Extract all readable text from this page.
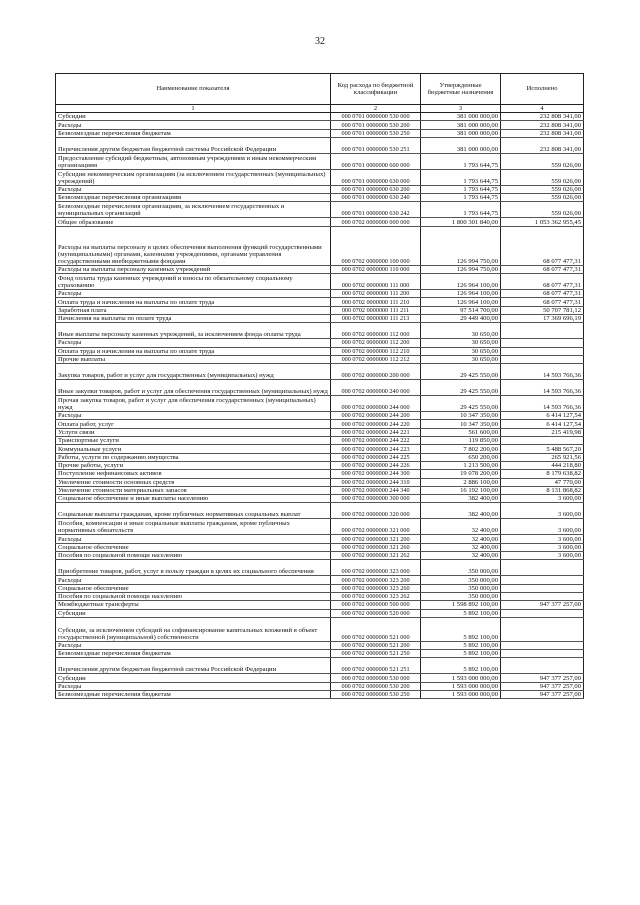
32
Наименование показателя	Код расхода по бюджетной классификации	Утвержденные бюджетные назначения	Исполнено
1	2	3	4
Субсидии	000 0701 0000000 530 000	381 000 000,00	232 808 341,00
Расходы	000 0701 0000000 530 200	381 000 000,00	232 808 341,00
Безвозмездные перечисления бюджетам	000 0701 0000000 530 250	381 000 000,00	232 808 341,00
Перечисления другим бюджетам бюджетной системы Российской Федерации	000 0701 0000000 530 251	381 000 000,00	232 808 341,00
Предоставление субсидий бюджетным, автономным учреждениям и иным некоммерческим организациям	000 0701 0000000 600 000	1 793 644,75	559 026,00
Субсидии некоммерческим организациям (за исключением государственных (муниципальных) учреждений)	000 0701 0000000 630 000	1 793 644,75	559 026,00
Расходы	000 0701 0000000 630 200	1 793 644,75	559 026,00
Безвозмездные перечисления организациям	000 0701 0000000 630 240	1 793 644,75	559 026,00
Безвозмездные перечисления организациям, за исключением государственных и муниципальных организаций	000 0701 0000000 630 242	1 793 644,75	559 026,00
Общее образование	000 0702 0000000 000 000	1 800 301 840,00	1 053 362 955,45
Расходы на выплаты персоналу в целях обеспечения выполнения функций государственными (муниципальными) органами, казенными учреждениями, органами управления государственными внебюджетными фондами	000 0702 0000000 100 000	126 994 750,00	68 077 477,31
Расходы на выплаты персоналу казенных учреждений	000 0702 0000000 110 000	126 994 750,00	68 077 477,31
Фонд оплаты труда казенных учреждений и взносы по обязательному социальному страхованию	000 0702 0000000 111 000	126 964 100,00	68 077 477,31
Расходы	000 0702 0000000 111 200	126 964 100,00	68 077 477,31
Оплата труда и начисления на выплаты по оплате труда	000 0702 0000000 111 210	126 964 100,00	68 077 477,31
Заработная плата	000 0702 0000000 111 211	97 514 700,00	50 707 781,12
Начисления на выплаты по оплате труда	000 0702 0000000 111 213	29 449 400,00	17 369 696,19
Иные выплаты персоналу казенных учреждений, за исключением фонда оплаты труда	000 0702 0000000 112 000	30 650,00	
Расходы	000 0702 0000000 112 200	30 650,00	
Оплата труда и начисления на выплаты по оплате труда	000 0702 0000000 112 210	30 650,00	
Прочие выплаты	000 0702 0000000 112 212	30 650,00	
Закупка товаров, работ и услуг для государственных (муниципальных) нужд	000 0702 0000000 200 000	29 425 550,00	14 593 766,36
Иные закупки товаров, работ и услуг для обеспечения государственных (муниципальных) нужд	000 0702 0000000 240 000	29 425 550,00	14 593 766,36
Прочая закупка товаров, работ и услуг для обеспечения государственных (муниципальных) нужд	000 0702 0000000 244 000	29 425 550,00	14 593 766,36
Расходы	000 0702 0000000 244 200	10 347 350,00	6 414 127,54
Оплата работ, услуг	000 0702 0000000 244 220	10 347 350,00	6 414 127,54
Услуги связи	000 0702 0000000 244 221	561 600,00	215 419,98
Транспортные услуги	000 0702 0000000 244 222	119 850,00	
Коммунальные услуги	000 0702 0000000 244 223	7 802 200,00	5 488 567,20
Работы, услуги по содержанию имущества	000 0702 0000000 244 225	650 200,00	265 921,56
Прочие работы, услуги	000 0702 0000000 244 226	1 213 500,00	444 218,80
Поступление нефинансовых активов	000 0702 0000000 244 300	19 078 200,00	8 179 638,82
Увеличение стоимости основных средств	000 0702 0000000 244 310	2 886 100,00	47 770,00
Увеличение стоимости материальных запасов	000 0702 0000000 244 340	16 192 100,00	8 131 868,82
Социальное обеспечение и иные выплаты населению	000 0702 0000000 300 000	382 400,00	3 600,00
Социальные выплаты гражданам, кроме публичных нормативных социальных выплат	000 0702 0000000 320 000	382 400,00	3 600,00
Пособия, компенсации и иные социальные выплаты гражданам, кроме публичных нормативных обязательств	000 0702 0000000 321 000	32 400,00	3 600,00
Расходы	000 0702 0000000 321 200	32 400,00	3 600,00
Социальное обеспечение	000 0702 0000000 321 260	32 400,00	3 600,00
Пособия по социальной помощи населению	000 0702 0000000 321 262	32 400,00	3 600,00
Приобретение товаров, работ, услуг в пользу граждан в целях их социального обеспечения	000 0702 0000000 323 000	350 000,00	
Расходы	000 0702 0000000 323 200	350 000,00	
Социальное обеспечение	000 0702 0000000 323 260	350 000,00	
Пособия по социальной помощи населению	000 0702 0000000 323 262	350 000,00	
Межбюджетные трансферты	000 0702 0000000 500 000	1 598 892 100,00	947 377 257,00
Субсидии	000 0702 0000000 520 000	5 892 100,00	
Субсидии, за исключением субсидий на софинансирование капитальных вложений в объект государственной (муниципальной) собственности	000 0702 0000000 521 000	5 892 100,00	
Расходы	000 0702 0000000 521 200	5 892 100,00	
Безвозмездные перечисления бюджетам	000 0702 0000000 521 250	5 892 100,00	
Перечисления другим бюджетам бюджетной системы Российской Федерации	000 0702 0000000 521 251	5 892 100,00	
Субсидии	000 0702 0000000 530 000	1 593 000 000,00	947 377 257,00
Расходы	000 0702 0000000 530 200	1 593 000 000,00	947 377 257,00
Безвозмездные перечисления бюджетам	000 0702 0000000 530 250	1 593 000 000,00	947 377 257,00
